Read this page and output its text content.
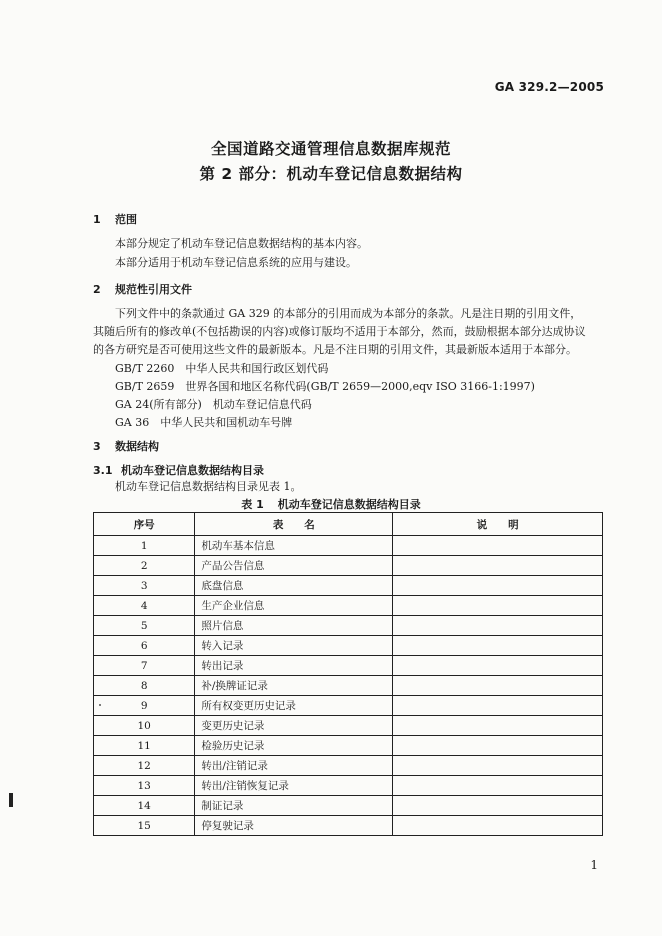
GA 329.2—2005
全国道路交通管理信息数据库规范
第 2 部分：机动车登记信息数据结构
1 范围
本部分规定了机动车登记信息数据结构的基本内容。
本部分适用于机动车登记信息系统的应用与建设。
2 规范性引用文件
下列文件中的条款通过 GA 329 的本部分的引用而成为本部分的条款。凡是注日期的引用文件，
其随后所有的修改单(不包括勘误的内容)或修订版均不适用于本部分，然而，鼓励根据本部分达成协议
的各方研究是否可使用这些文件的最新版本。凡是不注日期的引用文件，其最新版本适用于本部分。
GB/T 2260　 中华人民共和国行政区划代码
GB/T 2659　 世界各国和地区名称代码(GB/T 2659—2000,eqv ISO 3166-1:1997)
GA 24(所有部分)　 机动车登记信息代码
GA 36　 中华人民共和国机动车号牌
3 数据结构
3.1 机动车登记信息数据结构目录
机动车登记信息数据结构目录见表 1。
表 1 机动车登记信息数据结构目录
序号	表　　名	说　　明
1	机动车基本信息	
2	产品公告信息	
3	底盘信息	
4	生产企业信息	
5	照片信息	
6	转入记录	
7	转出记录	
8	补/换牌证记录	
9	所有权变更历史记录	
10	变更历史记录	
11	检验历史记录	
12	转出/注销记录	
13	转出/注销恢复记录	
14	制证记录	
15	停复驶记录	
1
